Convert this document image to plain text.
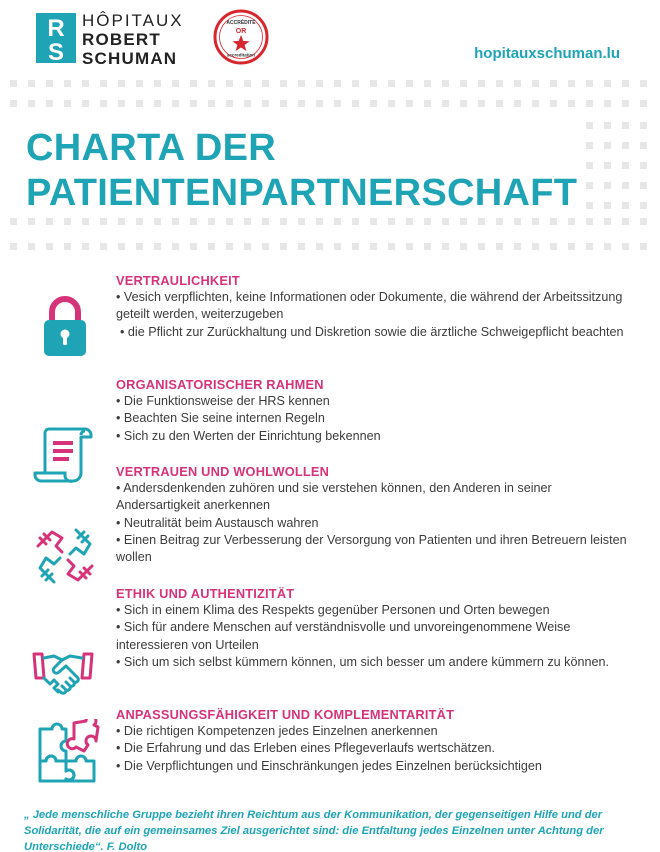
R
S
HÔPITAUX
ROBERT
SCHUMAN
ACCRÉDITÉ
OR
accreditation	hopitauxschuman.lu
CHARTA DER
PATIENTENPARTNERSCHAFT
VERTRAULICHKEIT
• Vesich verpflichten, keine Informationen oder Dokumente, die während der Arbeitssitzung geteilt werden, weiterzugeben
• die Pflicht zur Zurückhaltung und Diskretion sowie die ärztliche Schweigepflicht beachten
ORGANISATORISCHER RAHMEN
• Die Funktionsweise der HRS kennen
• Beachten Sie seine internen Regeln
• Sich zu den Werten der Einrichtung bekennen
VERTRAUEN UND WOHLWOLLEN
• Andersdenkenden zuhören und sie verstehen können, den Anderen in seiner Andersartigkeit anerkennen
• Neutralität beim Austausch wahren
• Einen Beitrag zur Verbesserung der Versorgung von Patienten und ihren Betreuern leisten wollen
ETHIK UND AUTHENTIZITÄT
• Sich in einem Klima des Respekts gegenüber Personen und Orten bewegen
• Sich für andere Menschen auf verständnisvolle und unvoreingenommene Weise interessieren von Urteilen
• Sich um sich selbst kümmern können, um sich besser um andere kümmern zu können.
ANPASSUNGSFÄHIGKEIT UND KOMPLEMENTARITÄT
• Die richtigen Kompetenzen jedes Einzelnen anerkennen
• Die Erfahrung und das Erleben eines Pflegeverlaufs wertschätzen.
• Die Verpflichtungen und Einschränkungen jedes Einzelnen berücksichtigen
„ Jede menschliche Gruppe bezieht ihren Reichtum aus der Kommunikation, der gegenseitigen Hilfe und der Solidarität, die auf ein gemeinsames Ziel ausgerichtet sind: die Entfaltung jedes Einzelnen unter Achtung der Unterschiede“. F. Dolto
